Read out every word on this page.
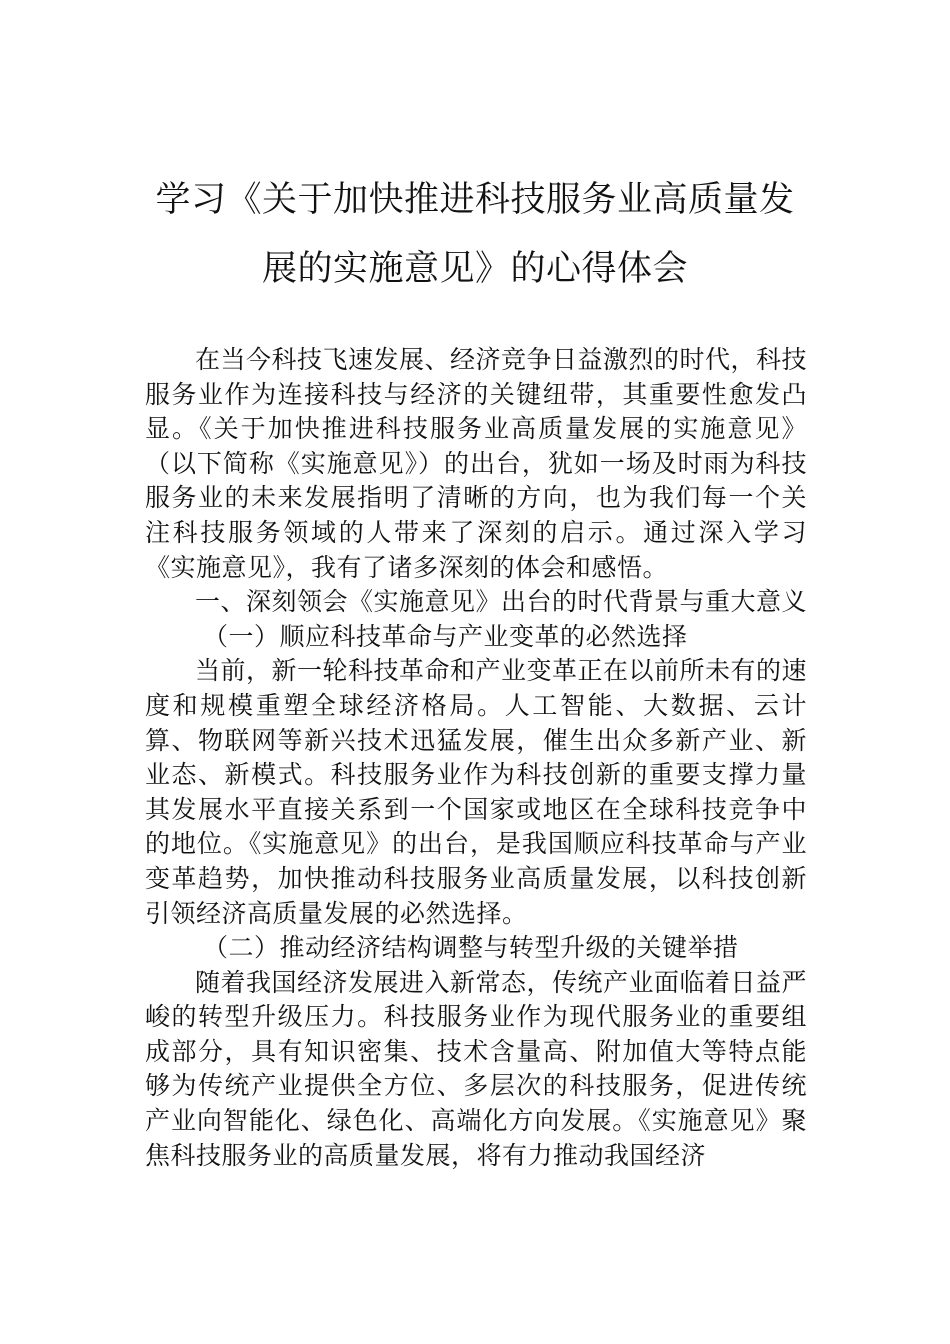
学习《关于加快推进科技服务业高质量发
展的实施意见》的心得体会

在当今科技飞速发展、经济竞争日益激烈的时代，科技服务业作为连接科技与经济的关键纽带，其重要性愈发凸显。《关于加快推进科技服务业高质量发展的实施意见》（以下简称《实施意见》）的出台，犹如一场及时雨为科技服务业的未来发展指明了清晰的方向，也为我们每一个关注科技服务领域的人带来了深刻的启示。通过深入学习《实施意见》，我有了诸多深刻的体会和感悟。

一、深刻领会《实施意见》出台的时代背景与重大意义

（一）顺应科技革命与产业变革的必然选择

当前，新一轮科技革命和产业变革正在以前所未有的速度和规模重塑全球经济格局。人工智能、大数据、云计算、物联网等新兴技术迅猛发展，催生出众多新产业、新业态、新模式。科技服务业作为科技创新的重要支撑力量其发展水平直接关系到一个国家或地区在全球科技竞争中的地位。《实施意见》的出台，是我国顺应科技革命与产业变革趋势，加快推动科技服务业高质量发展，以科技创新引领经济高质量发展的必然选择。

（二）推动经济结构调整与转型升级的关键举措

随着我国经济发展进入新常态，传统产业面临着日益严峻的转型升级压力。科技服务业作为现代服务业的重要组成部分，具有知识密集、技术含量高、附加值大等特点能够为传统产业提供全方位、多层次的科技服务，促进传统产业向智能化、绿色化、高端化方向发展。《实施意见》聚焦科技服务业的高质量发展，将有力推动我国经济
